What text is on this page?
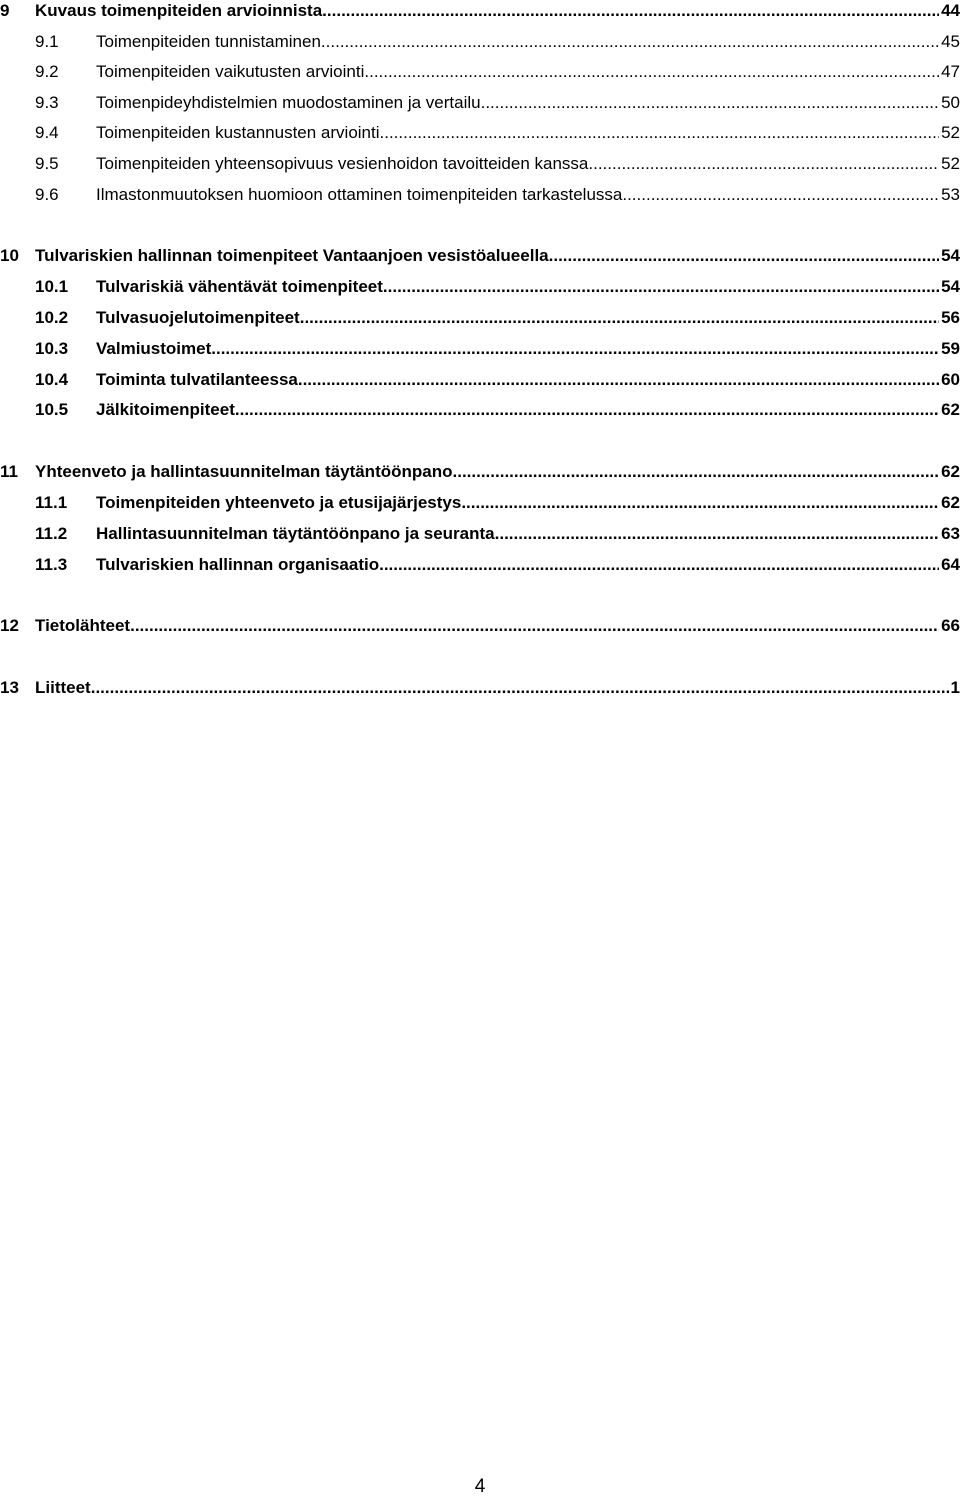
9 Kuvaus toimenpiteiden arvioinnista .....	44
9.1 Toimenpiteiden tunnistaminen .....	45
9.2 Toimenpiteiden vaikutusten arviointi .....	47
9.3 Toimenpideyhdistelmien muodostaminen ja vertailu .....	50
9.4 Toimenpiteiden kustannusten arviointi .....	52
9.5 Toimenpiteiden yhteensopivuus vesienhoidon tavoitteiden kanssa .....	52
9.6 Ilmastonmuutoksen huomioon ottaminen toimenpiteiden tarkastelussa .....	53
10 Tulvariskien hallinnan toimenpiteet Vantaanjoen vesistöalueella .....	54
10.1 Tulvariskiä vähentävät toimenpiteet .....	54
10.2 Tulvasuojelutoimenpiteet .....	56
10.3 Valmiustoimet .....	59
10.4 Toiminta tulvatilanteessa .....	60
10.5 Jälkitoimenpiteet .....	62
11 Yhteenveto ja hallintasuunnitelman täytäntöönpano .....	62
11.1 Toimenpiteiden yhteenveto ja etusijajärjestys .....	62
11.2 Hallintasuunnitelman täytäntöönpano ja seuranta .....	63
11.3 Tulvariskien hallinnan organisaatio .....	64
12 Tietolähteet .....	66
13 Liitteet .....	1
4
